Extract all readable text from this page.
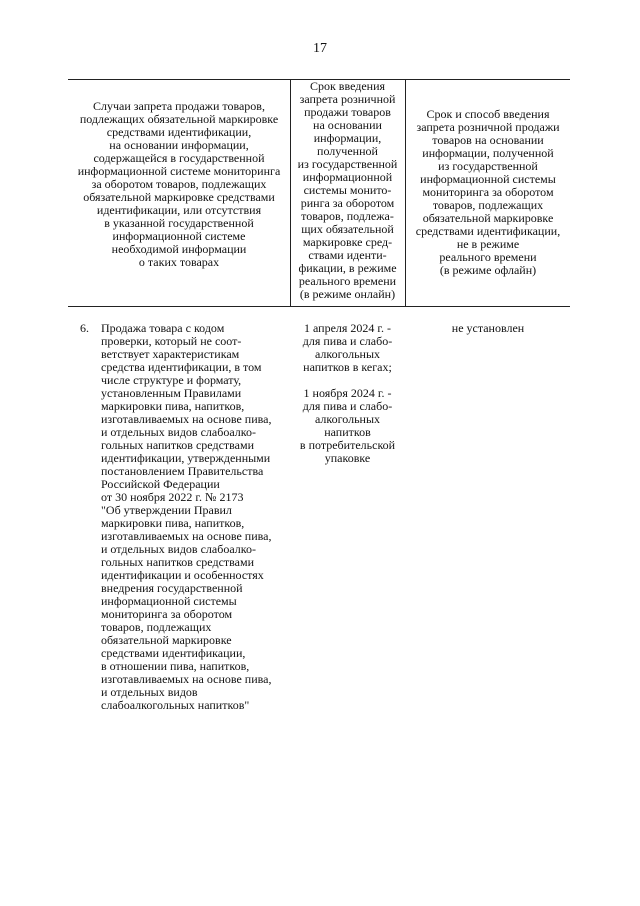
17
Случаи запрета продажи товаров,
подлежащих обязательной маркировке
средствами идентификации,
на основании информации,
содержащейся в государственной
информационной системе мониторинга
за оборотом товаров, подлежащих
обязательной маркировке средствами
идентификации, или отсутствия
в указанной государственной
информационной системе
необходимой информации
о таких товарах
Срок введения
запрета розничной
продажи товаров
на основании
информации,
полученной
из государственной
информационной
системы монито-
ринга за оборотом
товаров, подлежа-
щих обязательной
маркировке сред-
ствами иденти-
фикации, в режиме
реального времени
(в режиме онлайн)
Срок и способ введения
запрета розничной продажи
товаров на основании
информации, полученной
из государственной
информационной системы
мониторинга за оборотом
товаров, подлежащих
обязательной маркировке
средствами идентификации,
не в режиме
реального времени
(в режиме офлайн)
6. Продажа товара с кодом
проверки, который не соот-
ветствует характеристикам
средства идентификации, в том
числе структуре и формату,
установленным Правилами
маркировки пива, напитков,
изготавливаемых на основе пива,
и отдельных видов слабоалко-
гольных напитков средствами
идентификации, утвержденными
постановлением Правительства
Российской Федерации
от 30 ноября 2022 г. № 2173
"Об утверждении Правил
маркировки пива, напитков,
изготавливаемых на основе пива,
и отдельных видов слабоалко-
гольных напитков средствами
идентификации и особенностях
внедрения государственной
информационной системы
мониторинга за оборотом
товаров, подлежащих
обязательной маркировке
средствами идентификации,
в отношении пива, напитков,
изготавливаемых на основе пива,
и отдельных видов
слабоалкогольных напитков"
1 апреля 2024 г. -
для пива и слабо-
алкогольных
напитков в кегах;
1 ноября 2024 г. -
для пива и слабо-
алкогольных
напитков
в потребительской
упаковке
не установлен
